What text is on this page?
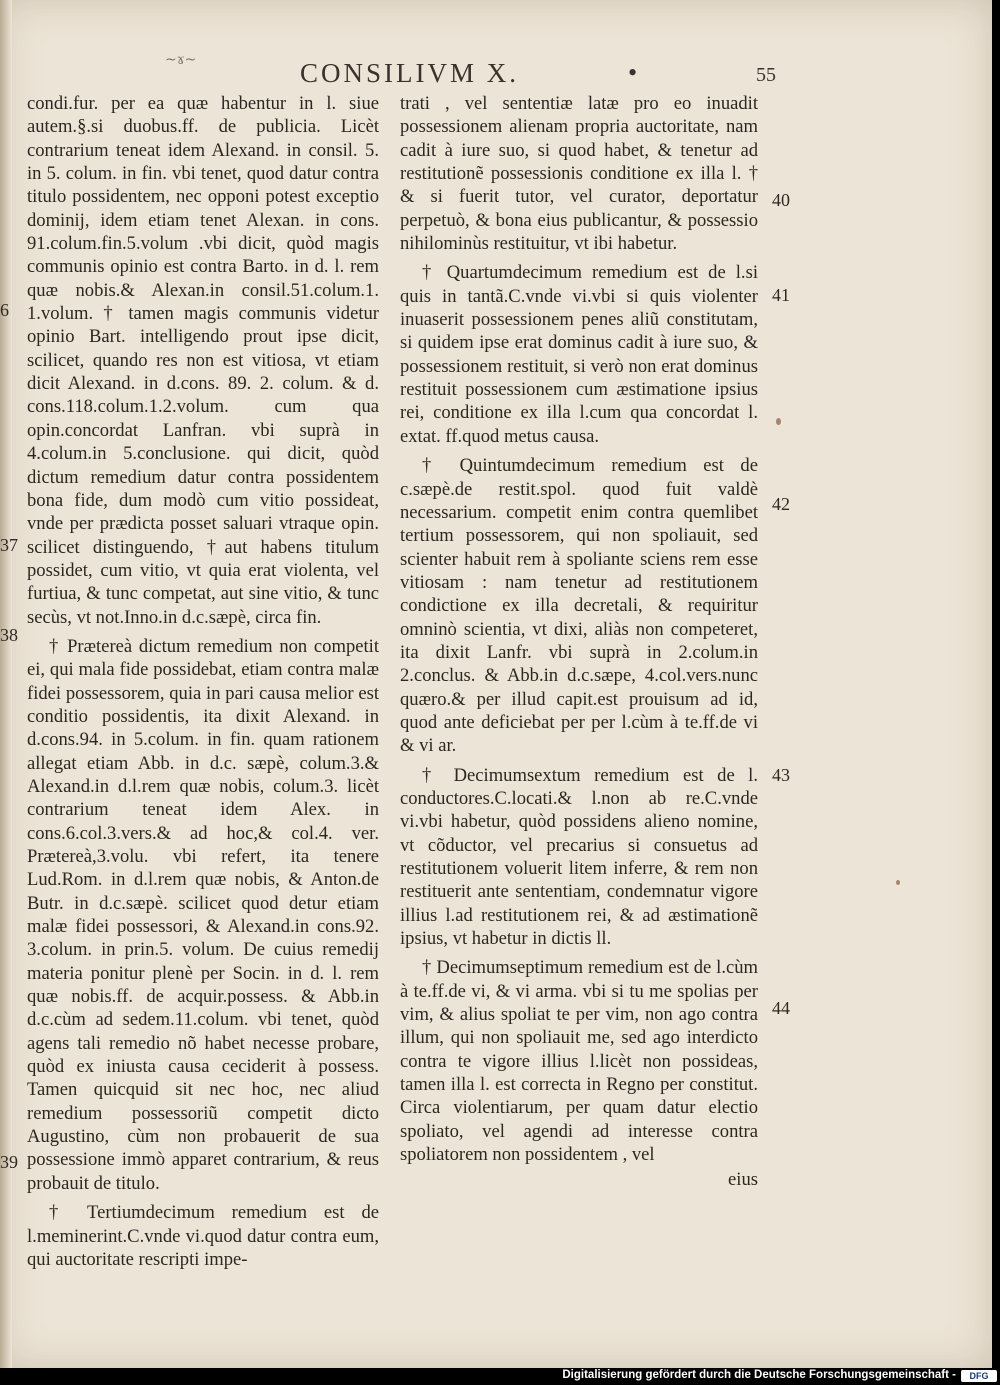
~ɤ~	CONSILIVM X.	•	55

condi.fur. per ea quæ habentur in l. siue autem.§.si duobus.ff. de publicia. Licèt contrarium teneat idem Alexand. in consil. 5. in 5. colum. in fin. vbi tenet, quod datur contra titulo possidentem, nec opponi potest exceptio dominij, idem etiam tenet Alexan. in cons. 91.colum.fin.5.volum .vbi dicit, quòd magis communis opinio est contra Barto. in d. l. rem quæ nobis.& Alexan.in consil.51.colum.1. 1.volum. † tamen magis communis videtur opinio Bart. intelligendo prout ipse dicit, scilicet, quando res non est vitiosa, vt etiam dicit Alexand. in d.cons. 89. 2. colum. & d. cons.118.colum.1.2.volum. cum qua opin.concordat Lanfran. vbi suprà in 4.colum.in 5.conclusione. qui dicit, quòd dictum remedium datur contra possidentem bona fide, dum modò cum vitio possideat, vnde per prædicta posset saluari vtraque opin. scilicet distinguendo, †aut habens titulum possidet, cum vitio, vt quia erat violenta, vel furtiua, & tunc competat, aut sine vitio, & tunc secùs, vt not.Inno.in d.c.sæpè, circa fin.

† Prætereà dictum remedium non competit ei, qui mala fide possidebat, etiam contra malæ fidei possessorem, quia in pari causa melior est conditio possidentis, ita dixit Alexand. in d.cons.94. in 5.colum. in fin. quam rationem allegat etiam Abb. in d.c. sæpè, colum.3.& Alexand.in d.l.rem quæ nobis, colum.3. licèt contrarium teneat idem Alex. in cons.6.col.3.vers.& ad hoc,& col.4. ver. Prætereà,3.volu. vbi refert, ita tenere Lud.Rom. in d.l.rem quæ nobis, & Anton.de Butr. in d.c.sæpè. scilicet quod detur etiam malæ fidei possessori, & Alexand.in cons.92. 3.colum. in prin.5. volum. De cuius remedij materia ponitur plenè per Socin. in d. l. rem quæ nobis.ff. de acquir.possess. & Abb.in d.c.cùm ad sedem.11.colum. vbi tenet, quòd agens tali remedio nõ habet necesse probare, quòd ex iniusta causa ceciderit à possess. Tamen quicquid sit nec hoc, nec aliud remedium possessoriũ competit dicto Augustino, cùm non probauerit de sua possessione immò apparet contrarium, & reus probauit de titulo.

† Tertiumdecimum remedium est de l.meminerint.C.vnde vi.quod datur contra eum, qui auctoritate rescripti impe-

trati , vel sententiæ latæ pro eo inuadit possessionem alienam propria auctoritate, nam cadit à iure suo, si quod habet, & tenetur ad restitutionẽ possessionis conditione ex illa l. † & si fuerit tutor, vel curator, deportatur perpetuò, & bona eius publicantur, & possessio nihilominùs restituitur, vt ibi habetur.

† Quartumdecimum remedium est de l.si quis in tantã.C.vnde vi.vbi si quis violenter inuaserit possessionem penes aliũ constitutam, si quidem ipse erat dominus cadit à iure suo, & possessionem restituit, si verò non erat dominus restituit possessionem cum æstimatione ipsius rei, conditione ex illa l.cum qua concordat l. extat. ff.quod metus causa.

† Quintumdecimum remedium est de c.sæpè.de restit.spol. quod fuit valdè necessarium. competit enim contra quemlibet tertium possessorem, qui non spoliauit, sed scienter habuit rem à spoliante sciens rem esse vitiosam : nam tenetur ad restitutionem condictione ex illa decretali, & requiritur omninò scientia, vt dixi, aliàs non competeret, ita dixit Lanfr. vbi suprà in 2.colum.in 2.conclus. & Abb.in d.c.sæpe, 4.col.vers.nunc quæro.& per illud capit.est prouisum ad id, quod ante deficiebat per per l.cùm à te.ff.de vi & vi ar.

† Decimumsextum remedium est de l. conductores.C.locati.& l.non ab re.C.vnde vi.vbi habetur, quòd possidens alieno nomine, vt cõductor, vel precarius si consuetus ad restitutionem voluerit litem inferre, & rem non restituerit ante sententiam, condemnatur vigore illius l.ad restitutionem rei, & ad æstimationẽ ipsius, vt habetur in dictis ll.

† Decimumseptimum remedium est de l.cùm à te.ff.de vi, & vi arma. vbi si tu me spolias per vim, & alius spoliat te per vim, non ago contra illum, qui non spoliauit me, sed ago interdicto contra te vigore illius l.licèt non possideas, tamen illa l. est correcta in Regno per constitut. Circa violentiarum, per quam datur electio spoliato, vel agendi ad interesse contra spoliatorem non possidentem , vel

eius

6
37
38
39
40
41
42
43
44
Digitalisierung gefördert durch die Deutsche Forschungsgemeinschaft -	DFG
